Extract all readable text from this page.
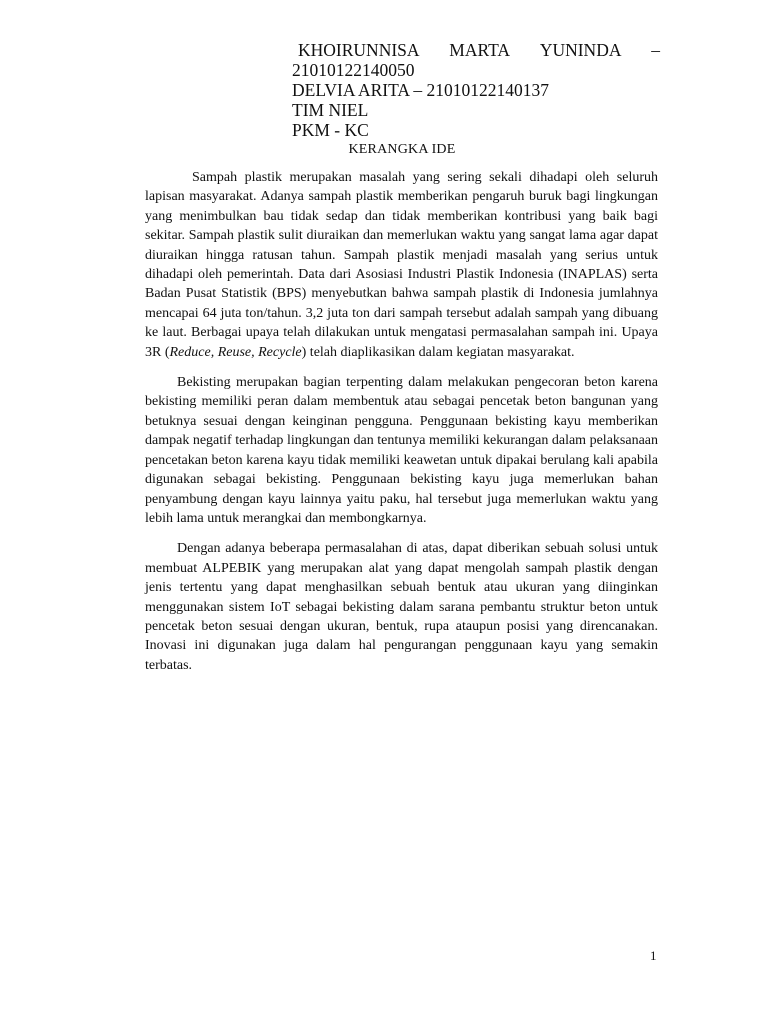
KHOIRUNNISA MARTA YUNINDA –
21010122140050
DELVIA ARITA – 21010122140137
TIM NIEL
PKM - KC
KERANGKA IDE

Sampah plastik merupakan masalah yang sering sekali dihadapi oleh seluruh lapisan masyarakat. Adanya sampah plastik memberikan pengaruh buruk bagi lingkungan yang menimbulkan bau tidak sedap dan tidak memberikan kontribusi yang baik bagi sekitar. Sampah plastik sulit diuraikan dan memerlukan waktu yang sangat lama agar dapat diuraikan hingga ratusan tahun. Sampah plastik menjadi masalah yang serius untuk dihadapi oleh pemerintah. Data dari Asosiasi Industri Plastik Indonesia (INAPLAS) serta Badan Pusat Statistik (BPS) menyebutkan bahwa sampah plastik di Indonesia jumlahnya mencapai 64 juta ton/tahun. 3,2 juta ton dari sampah tersebut adalah sampah yang dibuang ke laut. Berbagai upaya telah dilakukan untuk mengatasi permasalahan sampah ini. Upaya 3R (Reduce, Reuse, Recycle) telah diaplikasikan dalam kegiatan masyarakat.

Bekisting merupakan bagian terpenting dalam melakukan pengecoran beton karena bekisting memiliki peran dalam membentuk atau sebagai pencetak beton bangunan yang betuknya sesuai dengan keinginan pengguna. Penggunaan bekisting kayu memberikan dampak negatif terhadap lingkungan dan tentunya memiliki kekurangan dalam pelaksanaan pencetakan beton karena kayu tidak memiliki keawetan untuk dipakai berulang kali apabila digunakan sebagai bekisting. Penggunaan bekisting kayu juga memerlukan bahan penyambung dengan kayu lainnya yaitu paku, hal tersebut juga memerlukan waktu yang lebih lama untuk merangkai dan membongkarnya.

Dengan adanya beberapa permasalahan di atas, dapat diberikan sebuah solusi untuk membuat ALPEBIK yang merupakan alat yang dapat mengolah sampah plastik dengan jenis tertentu yang dapat menghasilkan sebuah bentuk atau ukuran yang diinginkan menggunakan sistem IoT sebagai bekisting dalam sarana pembantu struktur beton untuk pencetak beton sesuai dengan ukuran, bentuk, rupa ataupun posisi yang direncanakan. Inovasi ini digunakan juga dalam hal pengurangan penggunaan kayu yang semakin terbatas.

1
